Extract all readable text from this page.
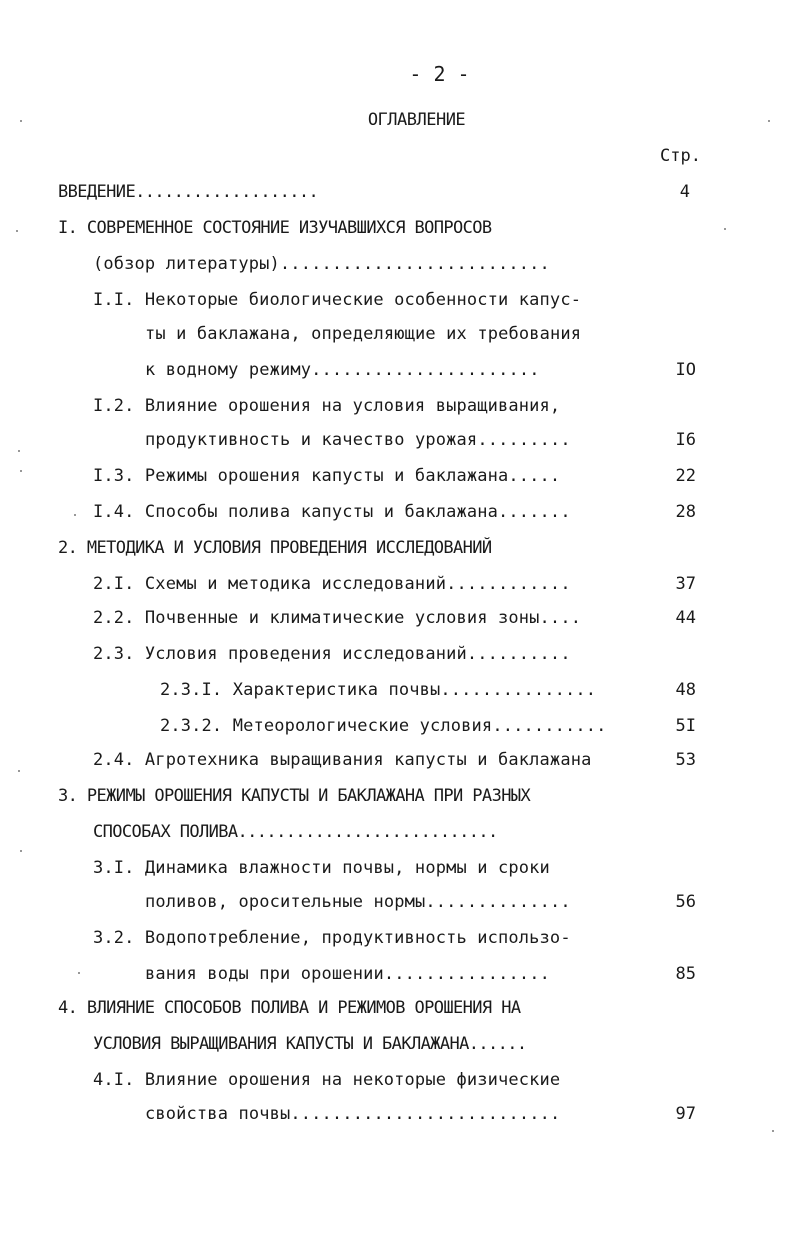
- 2 -
ОГЛАВЛЕНИЕ
Стр.
ВВЕДЕНИЕ...................	4
I. СОВРЕМЕННОЕ СОСТОЯНИЕ ИЗУЧАВШИХСЯ ВОПРОСОВ
(обзор литературы)..........................
I.I. Некоторые биологические особенности капус-
ты и баклажана, определяющие их требования
к водному режиму......................	IO
I.2. Влияние орошения на условия выращивания,
продуктивность и качество урожая.........	I6
I.3. Режимы орошения капусты и баклажана.....	22
I.4. Способы полива капусты и баклажана.......	28
2. МЕТОДИКА И УСЛОВИЯ ПРОВЕДЕНИЯ ИССЛЕДОВАНИЙ
2.I. Схемы и методика исследований............	37
2.2. Почвенные и климатические условия зоны....	44
2.3. Условия проведения исследований..........
2.3.I. Характеристика почвы...............	48
2.3.2. Метеорологические условия...........	5I
2.4. Агротехника выращивания капусты и баклажана	53
3. РЕЖИМЫ ОРОШЕНИЯ КАПУСТЫ И БАКЛАЖАНА ПРИ РАЗНЫХ
СПОСОБАХ ПОЛИВА...........................
3.I. Динамика влажности почвы, нормы и сроки
поливов, оросительные нормы..............	56
3.2. Водопотребление, продуктивность использо-
вания воды при орошении................	85
4. ВЛИЯНИЕ СПОСОБОВ ПОЛИВА И РЕЖИМОВ ОРОШЕНИЯ НА
УСЛОВИЯ ВЫРАЩИВАНИЯ КАПУСТЫ И БАКЛАЖАНА......
4.I. Влияние орошения на некоторые физические
свойства почвы..........................	97
